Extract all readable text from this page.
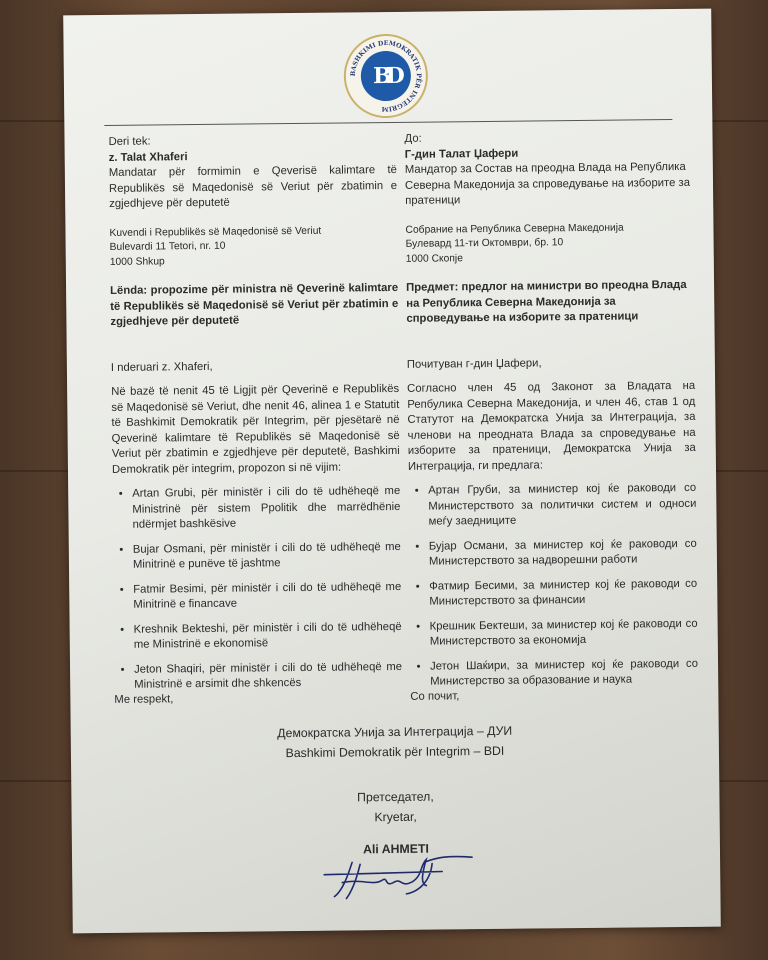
BASHKIMI DEMOKRATIK PËR INTEGRIM
BD

Deri tek:

z. Talat Xhaferi

Mandatar për formimin e Qeverisë kalimtare të Republikës së Maqedonisë së Veriut për zbatimin e zgjedhjeve për deputetë

Kuvendi i Republikës së Maqedonisë së Veriut

Bulevardi 11 Tetori, nr. 10

1000 Shkup

Lënda: propozime për ministra në Qeverinë kalimtare të Republikës së Maqedonisë së Veriut për zbatimin e zgjedhjeve për deputetë

I nderuari z. Xhaferi,

Në bazë të nenit 45 të Ligjit për Qeverinë e Republikës së Maqedonisë së Veriut, dhe nenit 46, alinea 1 e Statutit të Bashkimit Demokratik për Integrim, për pjesëtarë në Qeverinë kalimtare të Republikës së Maqedonisë së Veriut për zbatimin e zgjedhjeve për deputetë, Bashkimi Demokratik për integrim, propozon si në vijim:

• Artan Grubi, për ministër i cili do të udhëheqë me Ministrinë për sistem Ppolitik dhe marrëdhënie ndërmjet bashkësive
• Bujar Osmani, për ministër i cili do të udhëheqë me Minitrinë e punëve të jashtme
• Fatmir Besimi, për ministër i cili do të udhëheqë me Minitrinë e financave
• Kreshnik Bekteshi, për ministër i cili do të udhëheqë me Ministrinë e ekonomisë
• Jeton Shaqiri, për ministër i cili do të udhëheqë me Ministrinë e arsimit dhe shkencës

Me respekt,

До:

Г-дин Талат Џафери

Мандатор за Состав на преодна Влада на Република Северна Македонија за спроведување на изборите за пратеници

Собрание на Република Северна Македонија

Булевард 11-ти Октомври, бр. 10

1000 Скопје

Предмет: предлог на министри во преодна Влада на Република Северна Македонија за спроведување на изборите за пратеници

Почитуван г-дин Џафери,

Согласно член 45 од Законот за Владата на Репбулика Северна Македонија, и член 46, став 1 од Статутот на Демократска Унија за Интеграција, за членови на преодната Влада за спроведување на изборите за пратеници, Демократска Унија за Интеграција, ги предлага:

• Артан Груби, за министер кој ќе раководи со Министерството за политички систем и односи меѓу заедниците
• Бујар Османи, за министер кој ќе раководи со Министерството за надворешни работи
• Фатмир Бесими, за министер кој ќе раководи со Министерството за финансии
• Крешник Бектеши, за министер кој ќе раководи со Министерството за економија
• Јетон Шаќири, за министер кој ќе раководи со Министерство за образование и наука

Со почит,

Демократска Унија за Интеграција – ДУИ

Bashkimi Demokratik për Integrim – BDI

Претседател,

Kryetar,

Ali AHMETI
